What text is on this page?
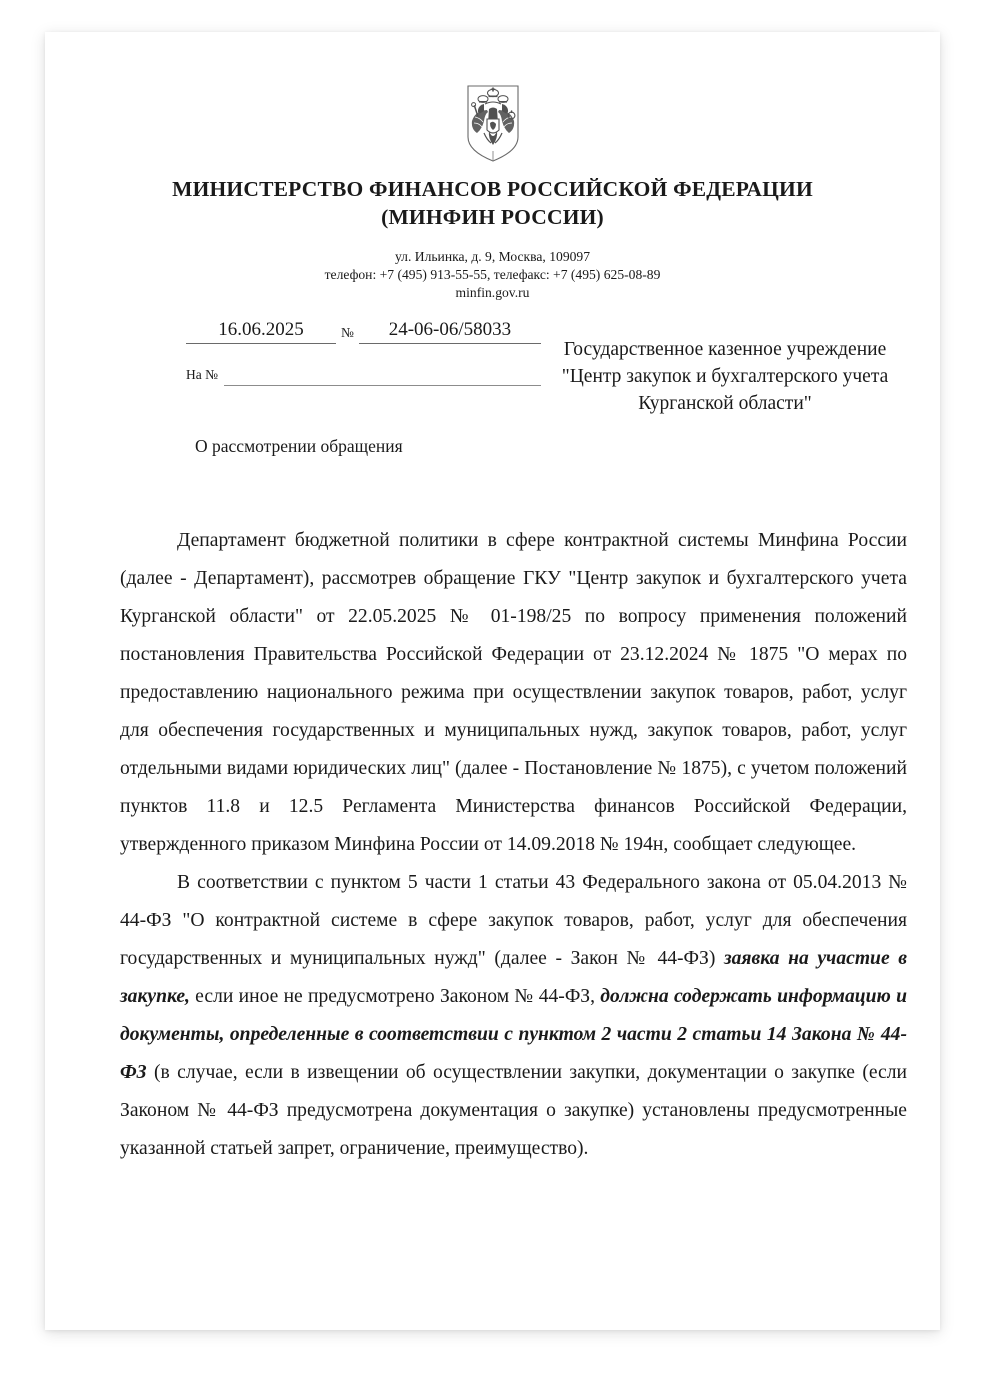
МИНИСТЕРСТВО ФИНАНСОВ РОССИЙСКОЙ ФЕДЕРАЦИИ
(МИНФИН РОССИИ)
ул. Ильинка, д. 9, Москва, 109097
телефон: +7 (495) 913-55-55, телефакс: +7 (495) 625-08-89
minfin.gov.ru
16.06.2025	№	24-06-06/58033
На №
Государственное казенное учреждение
"Центр закупок и бухгалтерского учета
Курганской области"
О рассмотрении обращения

Департамент бюджетной политики в сфере контрактной системы Минфина России (далее - Департамент), рассмотрев обращение ГКУ "Центр закупок и бухгалтерского учета Курганской области" от 22.05.2025 № 01-198/25 по вопросу применения положений постановления Правительства Российской Федерации от 23.12.2024 № 1875 "О мерах по предоставлению национального режима при осуществлении закупок товаров, работ, услуг для обеспечения государственных и муниципальных нужд, закупок товаров, работ, услуг отдельными видами юридических лиц" (далее - Постановление № 1875), с учетом положений пунктов 11.8 и 12.5 Регламента Министерства финансов Российской Федерации, утвержденного приказом Минфина России от 14.09.2018 № 194н, сообщает следующее.

В соответствии с пунктом 5 части 1 статьи 43 Федерального закона от 05.04.2013 № 44-ФЗ "О контрактной системе в сфере закупок товаров, работ, услуг для обеспечения государственных и муниципальных нужд" (далее - Закон № 44-ФЗ) заявка на участие в закупке, если иное не предусмотрено Законом № 44-ФЗ, должна содержать информацию и документы, определенные в соответствии с пунктом 2 части 2 статьи 14 Закона № 44-ФЗ (в случае, если в извещении об осуществлении закупки, документации о закупке (если Законом № 44-ФЗ предусмотрена документация о закупке) установлены предусмотренные указанной статьей запрет, ограничение, преимущество).
